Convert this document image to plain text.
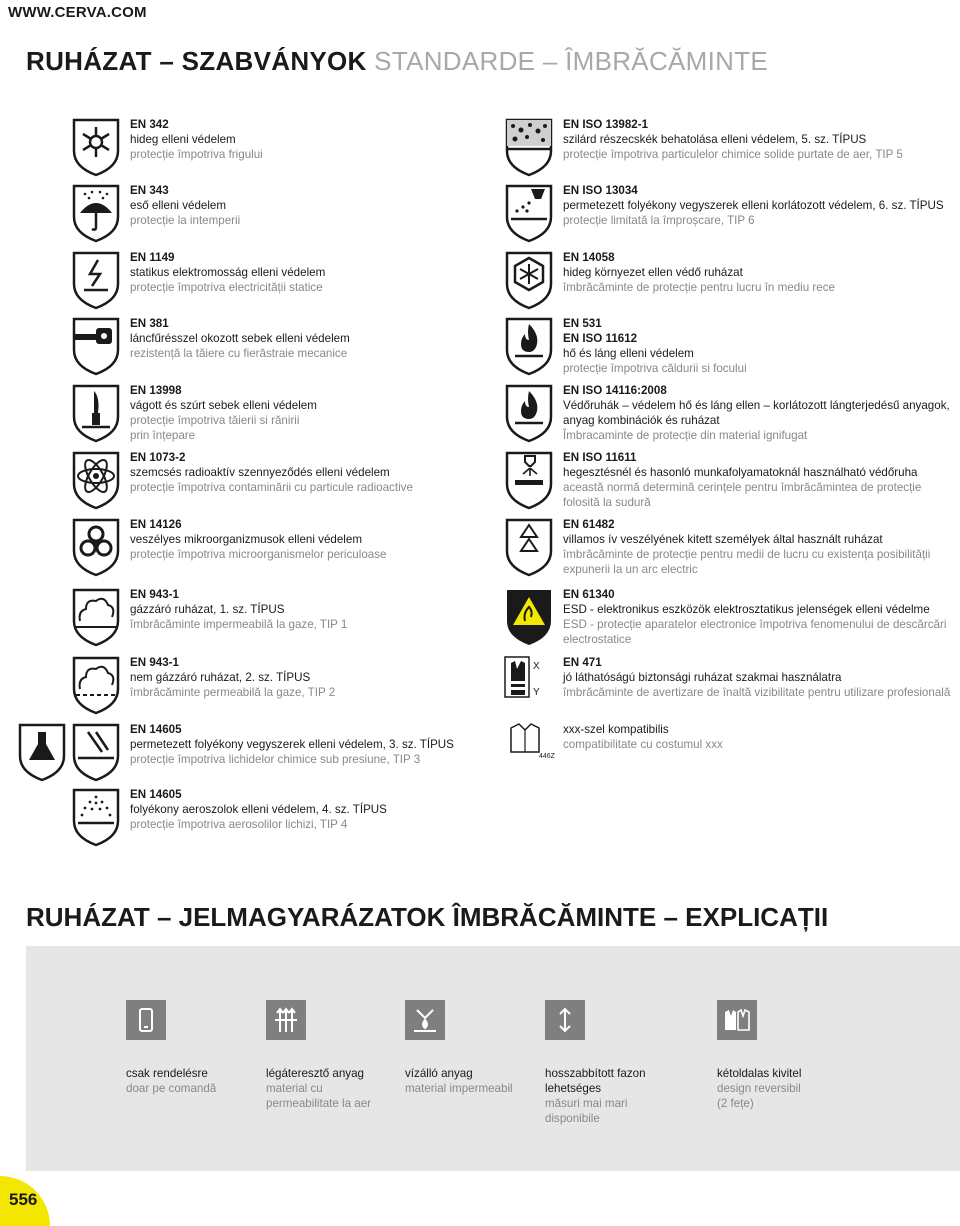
WWW.CERVA.COM
RUHÁZAT – SZABVÁNYOK STANDARDE – ÎMBRĂCĂMINTE
EN 342
hideg elleni védelem
protecție împotriva frigului
EN 343
eső elleni védelem
protecție la intemperii
EN 1149
statikus elektromosság elleni védelem
protecție împotriva electricității statice
EN 381
láncfűrésszel okozott sebek elleni védelem
rezistență la tăiere cu fierăstraie mecanice
EN 13998
vágott és szúrt sebek elleni védelem
protecție împotriva tăierii si rănirii
prin înțepare
EN 1073-2
szemcsés radioaktív szennyeződés elleni védelem
protecție împotriva contaminării cu particule radioactive
EN 14126
veszélyes mikroorganizmusok elleni védelem
protecție împotriva microorganismelor periculoase
EN 943-1
gázzáró ruházat, 1. sz. TÍPUS
îmbrăcăminte impermeabilă la gaze, TIP 1
EN 943-1
nem gázzáró ruházat, 2. sz. TÍPUS
îmbrăcăminte permeabilă la gaze, TIP 2
EN 14605
permetezett folyékony vegyszerek elleni védelem, 3. sz. TÍPUS
protecție împotriva lichidelor chimice sub presiune, TIP 3
EN 14605
folyékony aeroszolok elleni védelem, 4. sz. TÍPUS
protecție împotriva aerosolilor lichizi, TIP 4
EN ISO 13982-1
szilárd részecskék behatolása elleni védelem, 5. sz. TÍPUS
protecție împotriva particulelor chimice solide purtate de aer, TIP 5
EN ISO 13034
permetezett folyékony vegyszerek elleni korlátozott védelem, 6. sz. TÍPUS
protecție limitată la împroșcare, TIP 6
EN 14058
hideg környezet ellen védő ruházat
îmbrăcăminte de protecție pentru lucru în mediu rece
EN 531
EN ISO 11612
hő és láng elleni védelem
protecție împotriva căldurii si focului
EN ISO 14116:2008
Védőruhák – védelem hő és láng ellen – korlátozott lángterjedésű anyagok,
anyag kombinációk és ruházat
Îmbracaminte de protecție din material ignifugat
EN ISO 11611
hegesztésnél és hasonló munkafolyamatoknál használható védőruha
această normă determină cerințele pentru îmbrăcămintea de protecție
folosită la sudură
EN 61482
villamos ív veszélyének kitett személyek által használt ruházat
îmbrăcăminte de protecție pentru medii de lucru cu existența posibilității
expunerii la un arc electric
EN 61340
ESD - elektronikus eszközök elektrosztatikus jelenségek elleni védelme
ESD - protecție aparatelor electronice împotriva fenomenului de descărcări
electrostatice
X
Y
EN 471
jó láthatóságú biztonsági ruházat szakmai használatra
îmbrăcăminte de avertizare de înaltă vizibilitate pentru utilizare profesională
446Z
xxx-szel kompatibilis
compatibilitate cu costumul xxx
RUHÁZAT – JELMAGYARÁZATOK ÎMBRĂCĂMINTE – EXPLICAȚII
csak rendelésre
doar pe comandă
légáteresztő anyag
material cu
permeabilitate la aer
vízálló anyag
material impermeabil
hosszabbított fazon
lehetséges
măsuri mai mari
disponibile
kétoldalas kivitel
design reversibil
(2 fețe)
556
